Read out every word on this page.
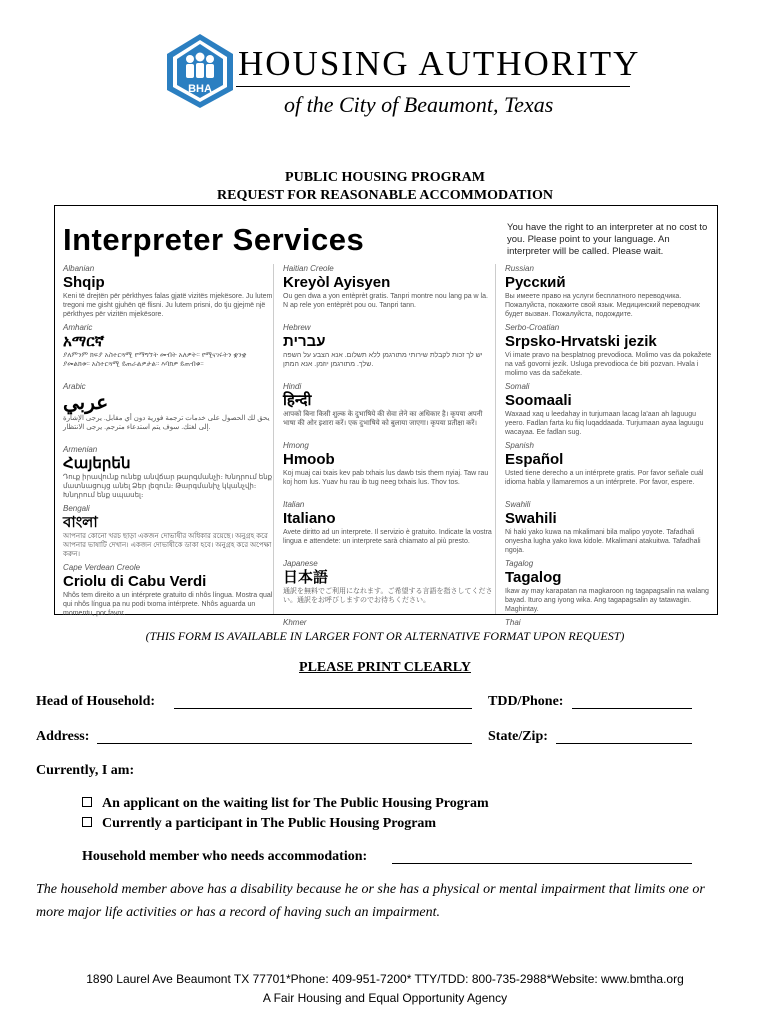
BHA
HOUSING AUTHORITY
of the City of Beaumont, Texas
PUBLIC HOUSING PROGRAM
REQUEST FOR REASONABLE ACCOMMODATION
Interpreter Services	You have the right to an interpreter at no cost to you. Please point to your language. An interpreter will be called. Please wait.
Albanian
Shqip
Keni të drejtën për përkthyes falas gjatë vizitës mjekësore. Ju lutem tregoni me gisht gjuhën që flisni. Ju lutem prisni, do tju gjejmë një përkthyes për vizitën mjekësore.
Amharic
አማርኛ
ያለምንም ክፍያ አስተርጓሚ የማግኘት መብት አለዎት። የሚናገሩትን ቋንቋ ያመልክቱ። አስተርጓሚ ይጠራልዎታል። እባክዎ ይጠብቁ።
Arabic
عربي
يحق لك الحصول على خدمات ترجمة فورية دون أي مقابل. يرجى الإشارة إلى لغتك. سوف يتم استدعاء مترجم. يرجى الانتظار.
Armenian
Հայերեն
Դուք իրավունք ունեք անվճար թարգմանչի։ Խնդրում ենք մատնացույց անել Ձեր լեզուն։ Թարգմանիչ կկանչվի։ Խնդրում ենք սպասել։
Bengali
বাংলা
আপনার কোনো খরচ ছাড়া একজন দোভাষীর অধিকার রয়েছে। অনুগ্রহ করে আপনার ভাষাটি দেখান। একজন দোভাষীকে ডাকা হবে। অনুগ্রহ করে অপেক্ষা করুন।
Cape Verdean Creole
Criolu di Cabu Verdi
Nhôs tem direito a un intérprete gratuito di nhôs língua. Mostra qual qui nhôs língua pa nu podi txoma intérprete. Nhôs aguarda un momentu, por favor.
Haitian Creole
Kreyòl Ayisyen
Ou gen dwa a yon entèprèt gratis. Tanpri montre nou lang pa w la. N ap rele yon entèprèt pou ou. Tanpri tann.
Hebrew
עברית
יש לך זכות לקבלת שירותי מתורגמן ללא תשלום. אנא הצבע על השפה שלך. מתורגמן יוזמן. אנא המתן.
Hindi
हिन्दी
आपको बिना किसी शुल्क के दुभाषिये की सेवा लेने का अधिकार है। कृपया अपनी भाषा की ओर इशारा करें। एक दुभाषिये को बुलाया जाएगा। कृपया प्रतीक्षा करें।
Hmong
Hmoob
Koj muaj cai txais kev pab txhais lus dawb tsis them nyiaj. Taw rau koj hom lus. Yuav hu rau ib tug neeg txhais lus. Thov tos.
Italian
Italiano
Avete diritto ad un interprete. Il servizio è gratuito. Indicate la vostra lingua e attendete: un interprete sarà chiamato al più presto.
Japanese
日本語
通訳を無料でご利用になれます。ご希望する言語を指さしてください。通訳をお呼びしますのでお待ちください。
Khmer
Russian
Русский
Вы имеете право на услуги бесплатного переводчика. Пожалуйста, покажите свой язык. Медицинский переводчик будет вызван. Пожалуйста, подождите.
Serbo-Croatian
Srpsko-Hrvatski jezik
Vi imate pravo na besplatnog prevodioca. Molimo vas da pokažete na vaš govorni jezik. Usluga prevodioca će biti pozvan. Hvala i molimo vas da sačekate.
Somali
Soomaali
Waxaad xaq u leedahay in turjumaan lacag la'aan ah laguugu yeero. Fadlan farta ku fiiq luqaddaada. Turjumaan ayaa laguugu wacayaa. Ee fadlan sug.
Spanish
Español
Usted tiene derecho a un intérprete gratis. Por favor señale cuál idioma habla y llamaremos a un intérprete. Por favor, espere.
Swahili
Swahili
Ni haki yako kuwa na mkalimani bila malipo yoyote. Tafadhali onyesha lugha yako kwa kidole. Mkalimani atakuitwa. Tafadhali ngoja.
Tagalog
Tagalog
Ikaw ay may karapatan na magkaroon ng tagapagsalin na walang bayad. Ituro ang iyong wika. Ang tagapagsalin ay tatawagin. Maghintay.
Thai
(THIS FORM IS AVAILABLE IN LARGER FONT OR ALTERNATIVE FORMAT UPON REQUEST)
PLEASE PRINT CLEARLY
Head of Household:	TDD/Phone:
Address:	State/Zip:
Currently, I am:
An applicant on the waiting list for The Public Housing Program
Currently a participant in The Public Housing Program
Household member who needs accommodation:
The household member above has a disability because he or she has a physical or mental impairment that limits one or more major life activities or has a record of having such an impairment.
1890 Laurel Ave Beaumont TX 77701*Phone: 409-951-7200* TTY/TDD: 800-735-2988*Website: www.bmtha.org
A Fair Housing and Equal Opportunity Agency
